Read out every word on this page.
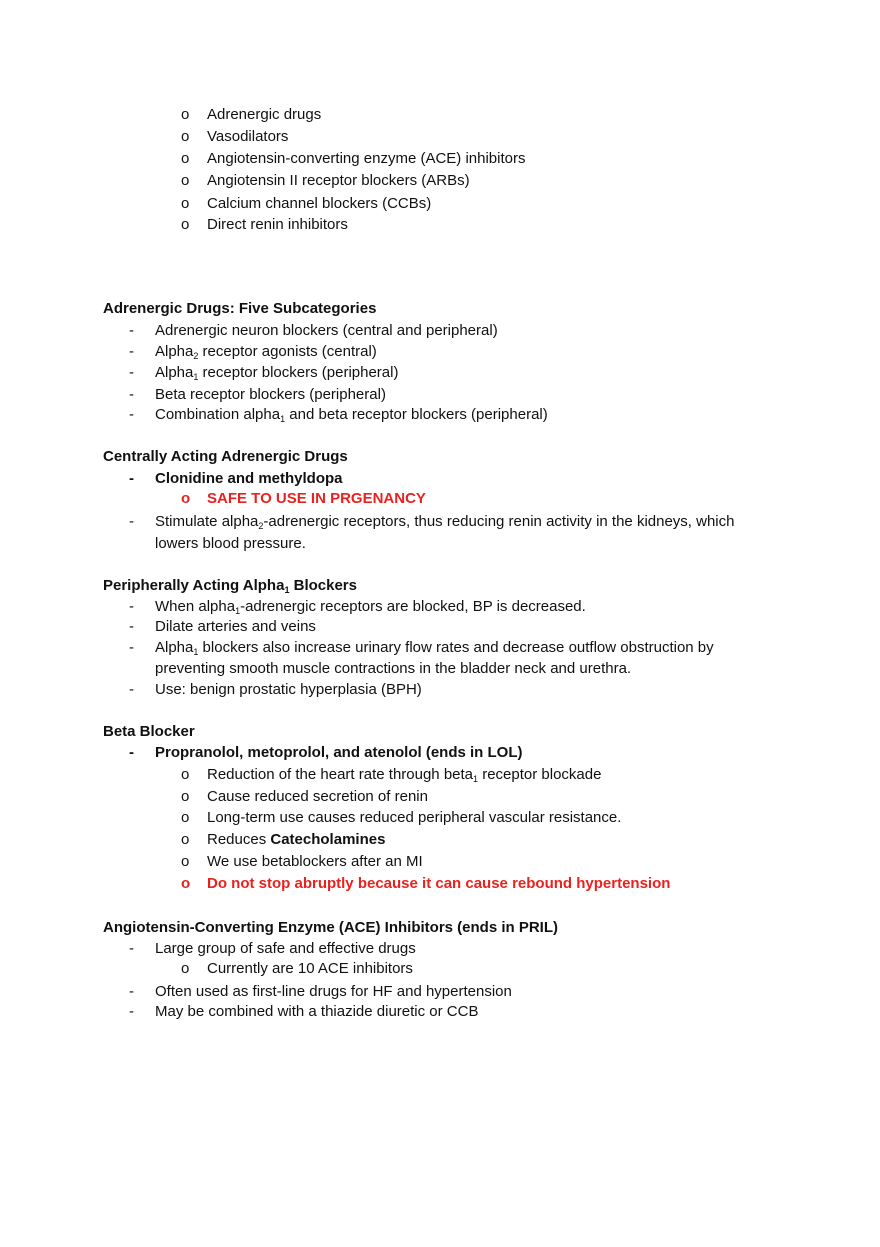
o Adrenergic drugs
o Vasodilators
o Angiotensin-converting enzyme (ACE) inhibitors
o Angiotensin II receptor blockers (ARBs)
o Calcium channel blockers (CCBs)
o Direct renin inhibitors
Adrenergic Drugs: Five Subcategories
- Adrenergic neuron blockers (central and peripheral)
- Alpha$_2$ receptor agonists (central)
- Alpha$_1$ receptor blockers (peripheral)
- Beta receptor blockers (peripheral)
- Combination alpha$_1$ and beta receptor blockers (peripheral)
Centrally Acting Adrenergic Drugs
- Clonidine and methyldopa
o SAFE TO USE IN PRGENANCY
- Stimulate alpha$_2$-adrenergic receptors, thus reducing renin activity in the kidneys, which
lowers blood pressure.
Peripherally Acting Alpha$_1$ Blockers
- When alpha$_1$-adrenergic receptors are blocked, BP is decreased.
- Dilate arteries and veins
- Alpha$_1$ blockers also increase urinary flow rates and decrease outflow obstruction by
preventing smooth muscle contractions in the bladder neck and urethra.
- Use: benign prostatic hyperplasia (BPH)
Beta Blocker
- Propranolol, metoprolol, and atenolol (ends in LOL)
o Reduction of the heart rate through beta$_1$ receptor blockade
o Cause reduced secretion of renin
o Long-term use causes reduced peripheral vascular resistance.
o Reduces Catecholamines
o We use betablockers after an MI
o Do not stop abruptly because it can cause rebound hypertension
Angiotensin-Converting Enzyme (ACE) Inhibitors (ends in PRIL)
- Large group of safe and effective drugs
o Currently are 10 ACE inhibitors
- Often used as first-line drugs for HF and hypertension
- May be combined with a thiazide diuretic or CCB
